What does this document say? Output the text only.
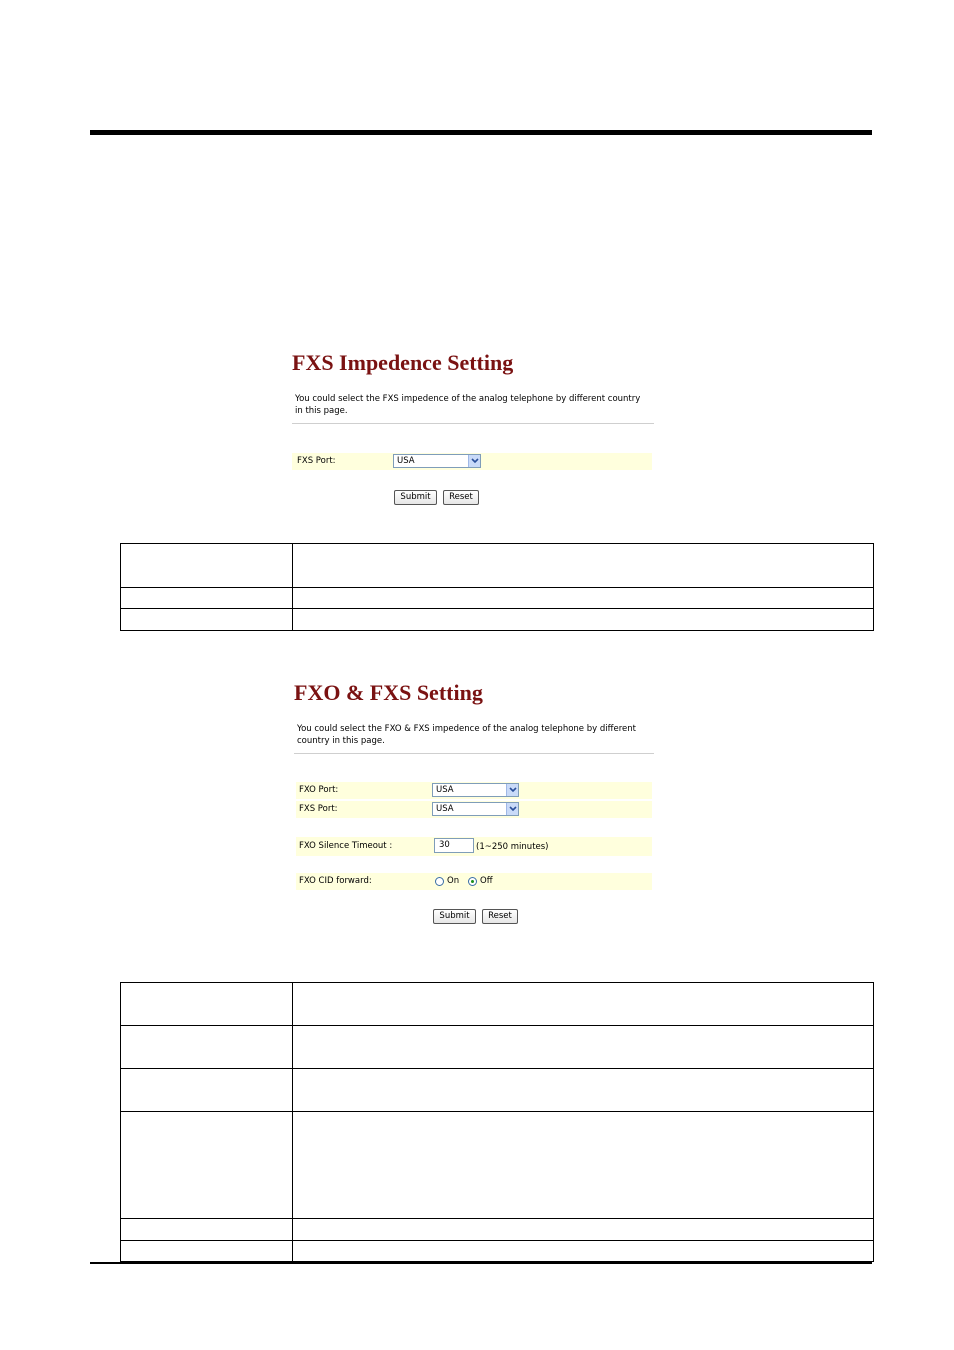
FXS Impedence Setting

You could select the FXS impedence of the analog telephone by different country in this page.

FXS Port:	USA
Submit	Reset

FXO & FXS Setting

You could select the FXO & FXS impedence of the analog telephone by different country in this page.

FXO Port:	USA
FXS Port:	USA
FXO Silence Timeout :	30	(1~250 minutes)
FXO CID forward:	On Off
Submit	Reset
